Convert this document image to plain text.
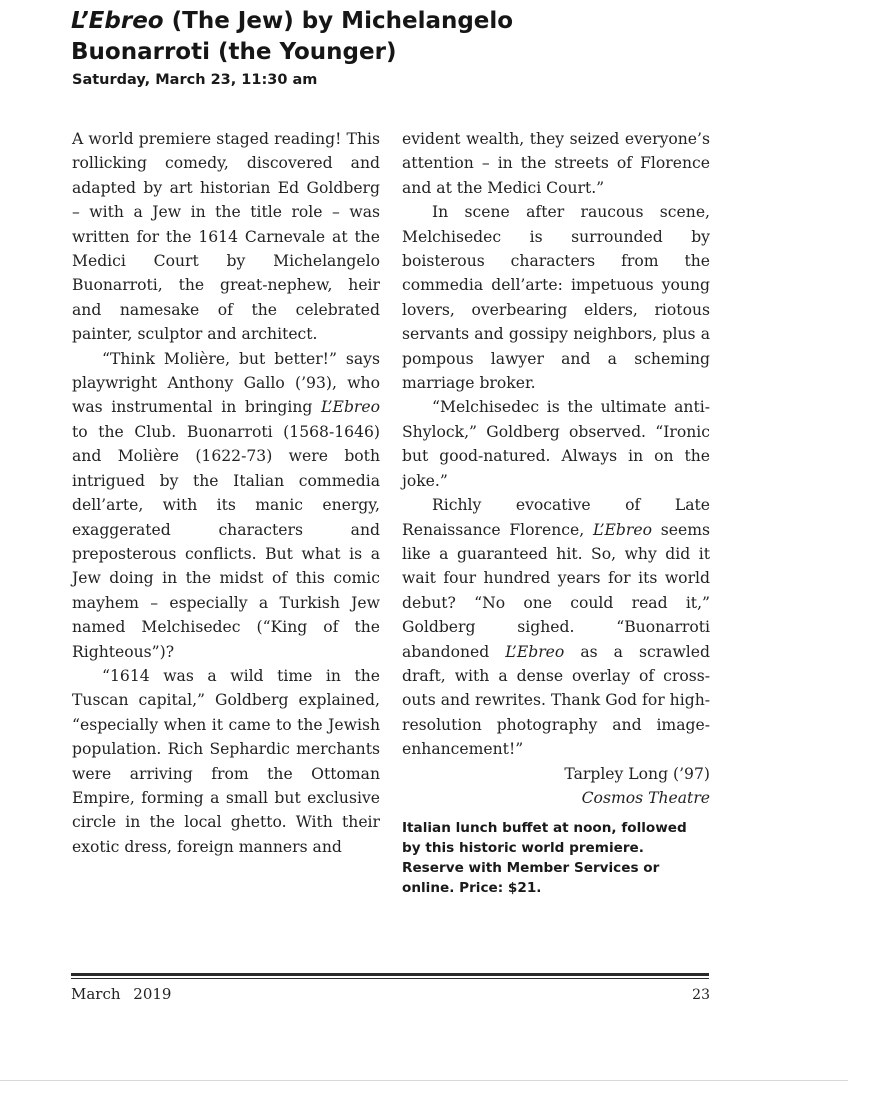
L’Ebreo (The Jew) by Michelangelo
Buonarroti (the Younger)
Saturday, March 23, 11:30 am

A world premiere staged reading! This rollicking comedy, discovered and adapted by art historian Ed Goldberg – with a Jew in the title role – was written for the 1614 Carnevale at the Medici Court by Michelangelo Buonarroti, the great-nephew, heir and namesake of the celebrated painter, sculptor and architect.

“Think Molière, but better!” says playwright Anthony Gallo (’93), who was instrumental in bringing L’Ebreo to the Club. Buonarroti (1568-1646) and Molière (1622-73) were both intrigued by the Italian commedia dell’arte, with its manic energy, exaggerated characters and preposterous conflicts. But what is a Jew doing in the midst of this comic mayhem – especially a Turkish Jew named Melchisedec (“King of the Righteous”)?

“1614 was a wild time in the Tuscan capital,” Goldberg explained, “especially when it came to the Jewish population. Rich Sephardic merchants were arriving from the Ottoman Empire, forming a small but exclusive circle in the local ghetto. With their exotic dress, foreign manners and

evident wealth, they seized everyone’s attention – in the streets of Florence and at the Medici Court.”

In scene after raucous scene, Melchisedec is surrounded by boisterous characters from the commedia dell’arte: impetuous young lovers, overbearing elders, riotous servants and gossipy neighbors, plus a pompous lawyer and a scheming marriage broker.

“Melchisedec is the ultimate anti-Shylock,” Goldberg observed. “Ironic but good-natured. Always in on the joke.”

Richly evocative of Late Renaissance Florence, L’Ebreo seems like a guaranteed hit. So, why did it wait four hundred years for its world debut? “No one could read it,” Goldberg sighed. “Buonarroti abandoned L’Ebreo as a scrawled draft, with a dense overlay of cross-outs and rewrites. Thank God for high-resolution photography and image-enhancement!”

Tarpley Long (’97)
Cosmos Theatre
Italian lunch buffet at noon, followed by this historic world premiere. Reserve with Member Services or online. Price: $21.
March 2019	23
